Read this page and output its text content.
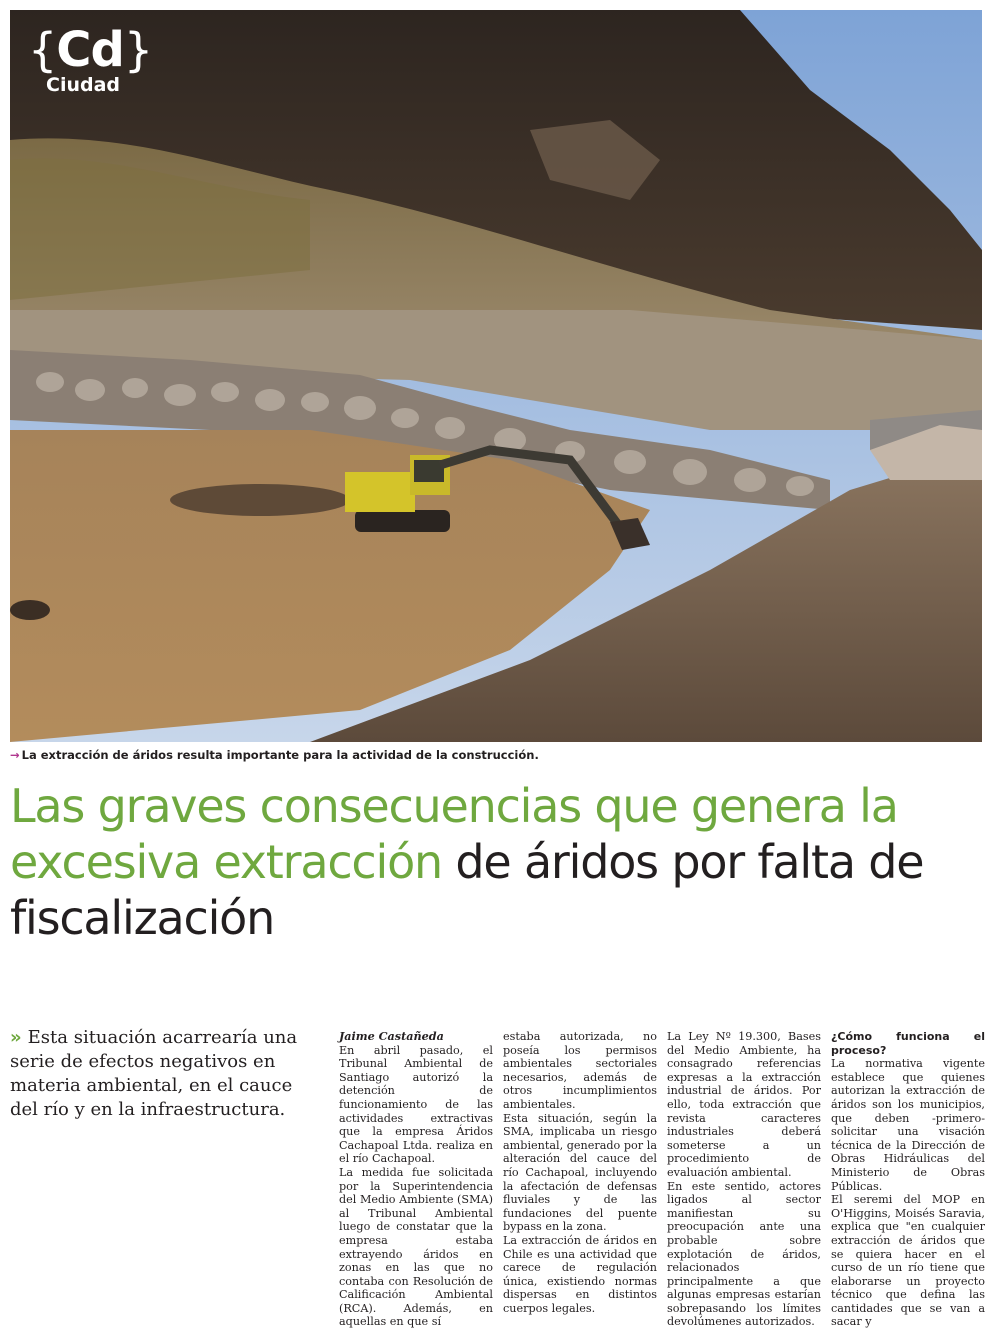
{Cd}
Ciudad
→ La extracción de áridos resulta importante para la actividad de la construcción.
Las graves consecuencias que genera la excesiva extracción de áridos por falta de fiscalización
» Esta situación acarrearía una serie de efectos negativos en materia ambiental, en el cauce del río y en la infraestructura.

Jaime Castañeda

En abril pasado, el Tribunal Ambiental de Santiago autorizó la detención de funcionamiento de las actividades extractivas que la empresa Áridos Cachapoal Ltda. realiza en el río Cachapoal.

La medida fue solicitada por la Superintendencia del Medio Ambiente (SMA) al Tribunal Ambiental luego de constatar que la empresa estaba extrayendo áridos en zonas en las que no contaba con Resolución de Calificación Ambiental (RCA). Además, en aquellas en que sí

estaba autorizada, no poseía los permisos ambientales sectoriales necesarios, además de otros incumplimientos ambientales.

Esta situación, según la SMA, implicaba un riesgo ambiental, generado por la alteración del cauce del río Cachapoal, incluyendo la afectación de defensas fluviales y de las fundaciones del puente bypass en la zona.

La extracción de áridos en Chile es una actividad que carece de regulación única, existiendo normas dispersas en distintos cuerpos legales.

La Ley Nº 19.300, Bases del Medio Ambiente, ha consagrado referencias expresas a la extracción industrial de áridos. Por ello, toda extracción que revista caracteres industriales deberá someterse a un procedimiento de evaluación ambiental.

En este sentido, actores ligados al sector manifiestan su preocupación ante una probable sobre explotación de áridos, relacionados principalmente a que algunas empresas estarían sobrepasando los límites devolúmenes autorizados.

¿Cómo funciona el proceso?

La normativa vigente establece que quienes autorizan la extracción de áridos son los municipios, que deben -primero- solicitar una visación técnica de la Dirección de Obras Hidráulicas del Ministerio de Obras Públicas.

El seremi del MOP en O'Higgins, Moisés Saravia, explica que "en cualquier extracción de áridos que se quiera hacer en el curso de un río tiene que elaborarse un proyecto técnico que defina las cantidades que se van a sacar y
